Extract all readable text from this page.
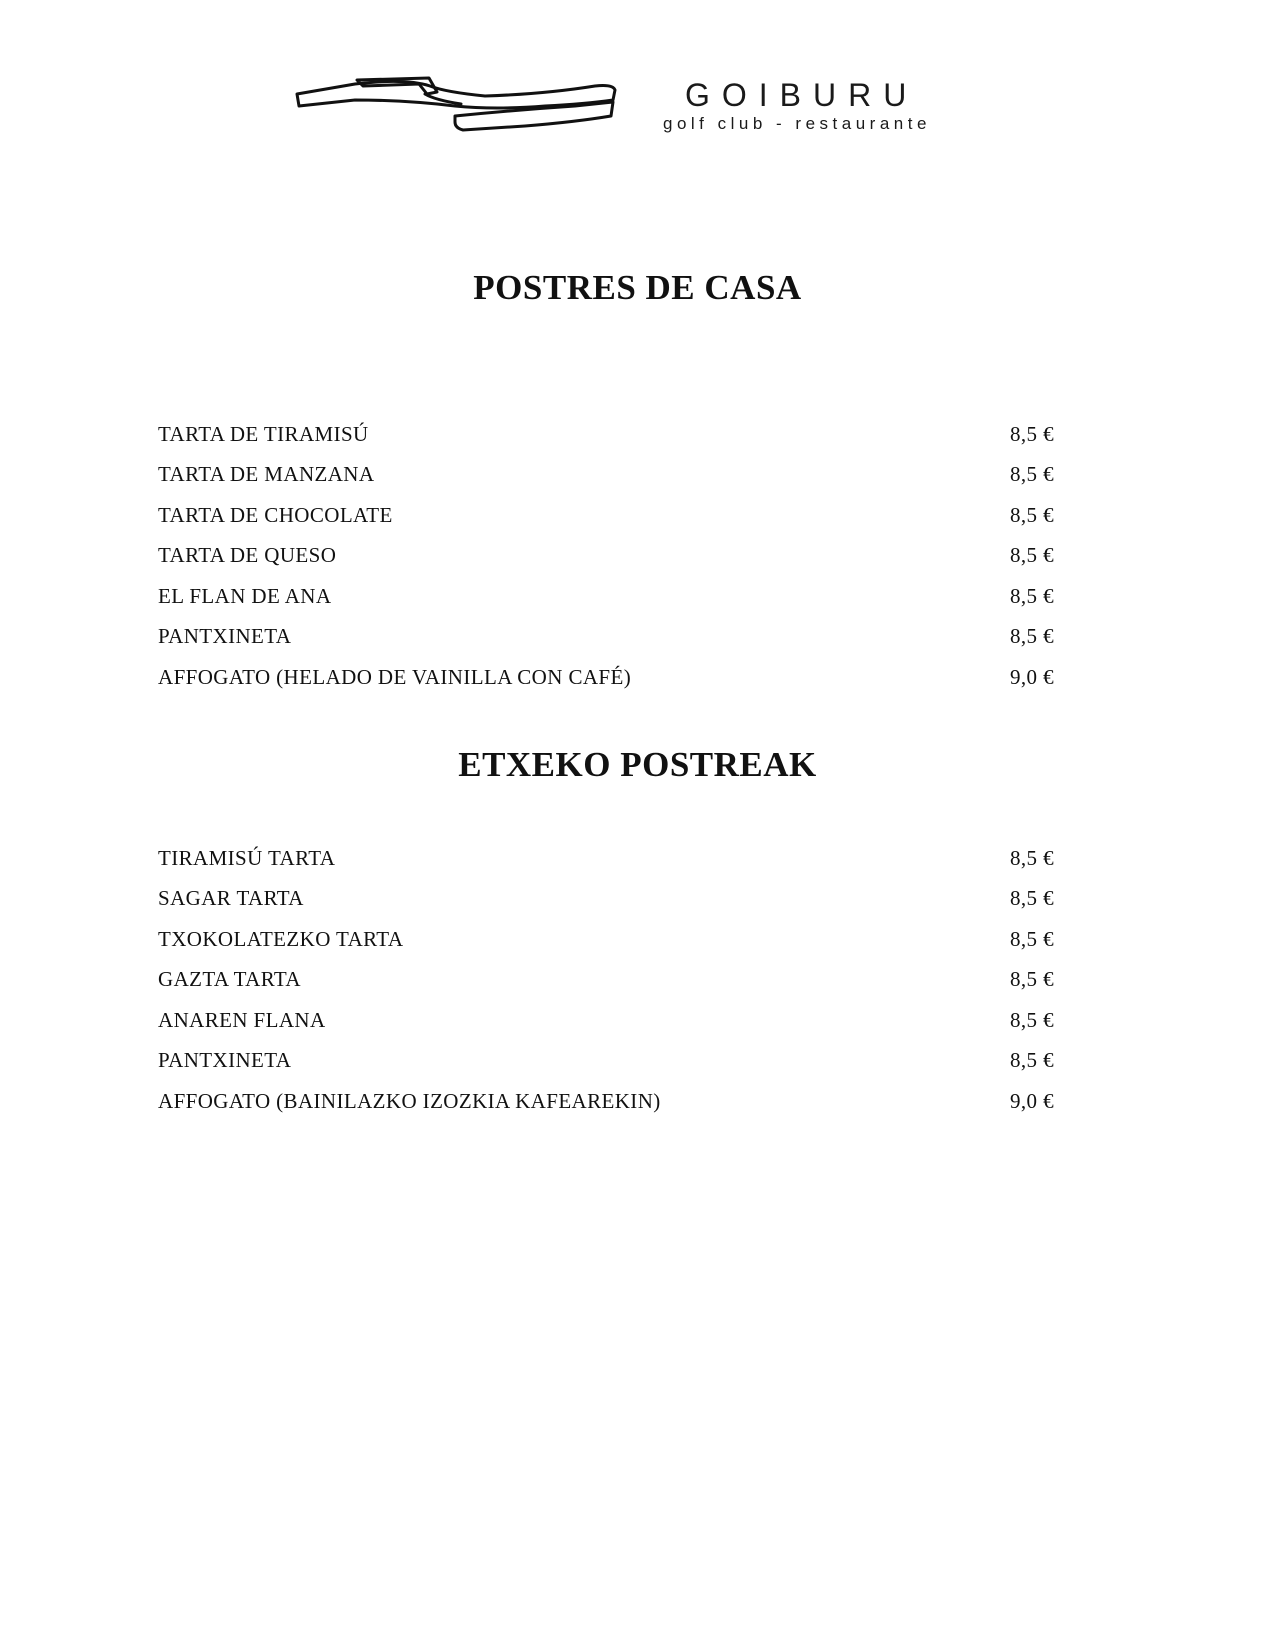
GOIBURU
golf club - restaurante
POSTRES DE CASA
TARTA DE TIRAMISÚ	8,5 €
TARTA DE MANZANA	8,5 €
TARTA DE CHOCOLATE	8,5 €
TARTA DE QUESO	8,5 €
EL FLAN DE ANA	8,5 €
PANTXINETA	8,5 €
AFFOGATO (HELADO DE VAINILLA CON CAFÉ)	9,0 €
ETXEKO POSTREAK
TIRAMISÚ TARTA	8,5 €
SAGAR TARTA	8,5 €
TXOKOLATEZKO TARTA	8,5 €
GAZTA TARTA	8,5 €
ANAREN FLANA	8,5 €
PANTXINETA	8,5 €
AFFOGATO (BAINILAZKO IZOZKIA KAFEAREKIN)	9,0 €
